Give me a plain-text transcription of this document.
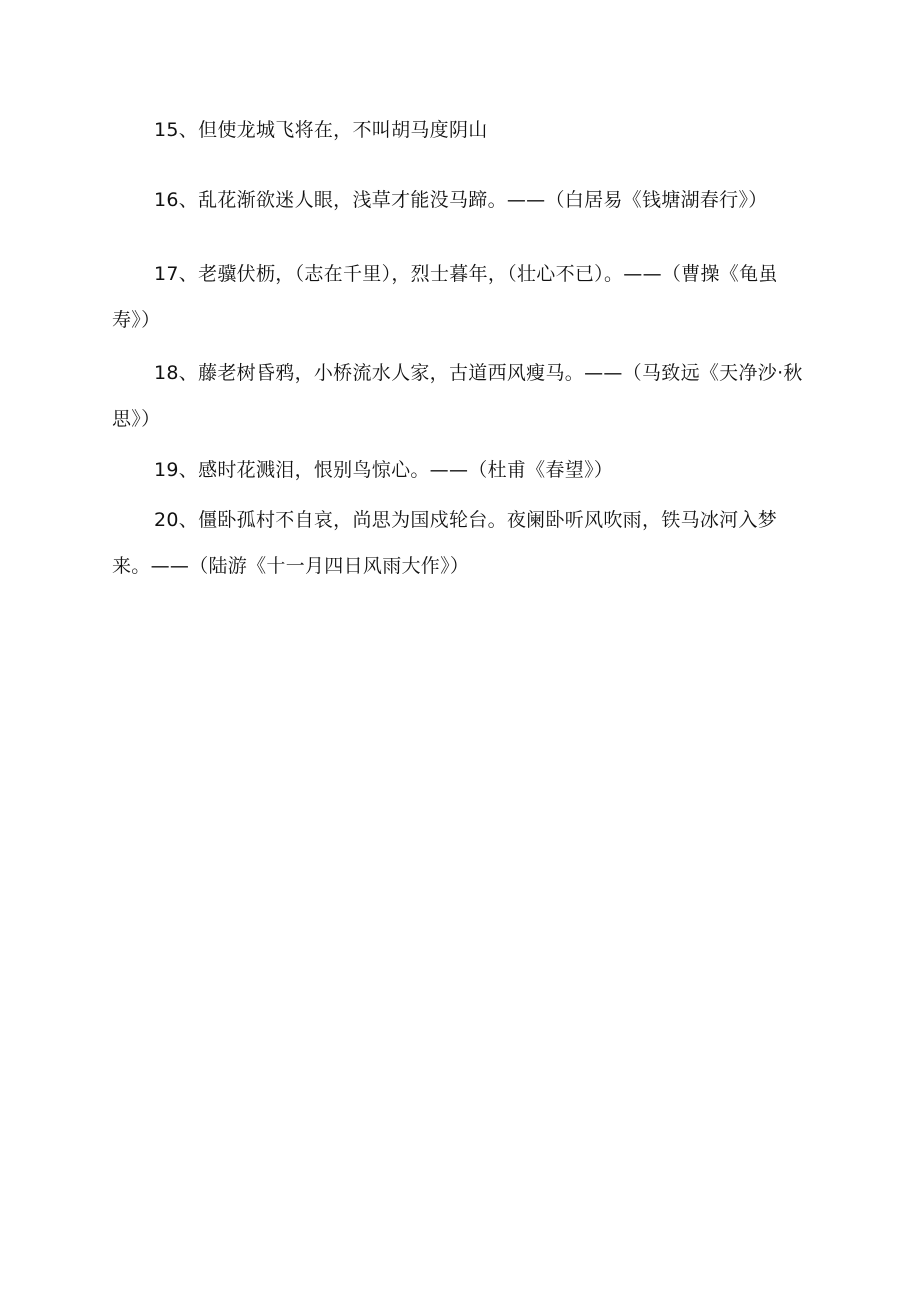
15、但使龙城飞将在，不叫胡马度阴山

16、乱花渐欲迷人眼，浅草才能没马蹄。——（白居易《钱塘湖春行》）

17、老骥伏枥，（志在千里），烈士暮年，（壮心不已）。——（曹操《龟虽寿》）

18、藤老树昏鸦，小桥流水人家，古道西风瘦马。——（马致远《天净沙·秋思》）

19、感时花溅泪，恨别鸟惊心。——（杜甫《春望》）

20、僵卧孤村不自哀，尚思为国戍轮台。夜阑卧听风吹雨，铁马冰河入梦来。——（陆游《十一月四日风雨大作》）
